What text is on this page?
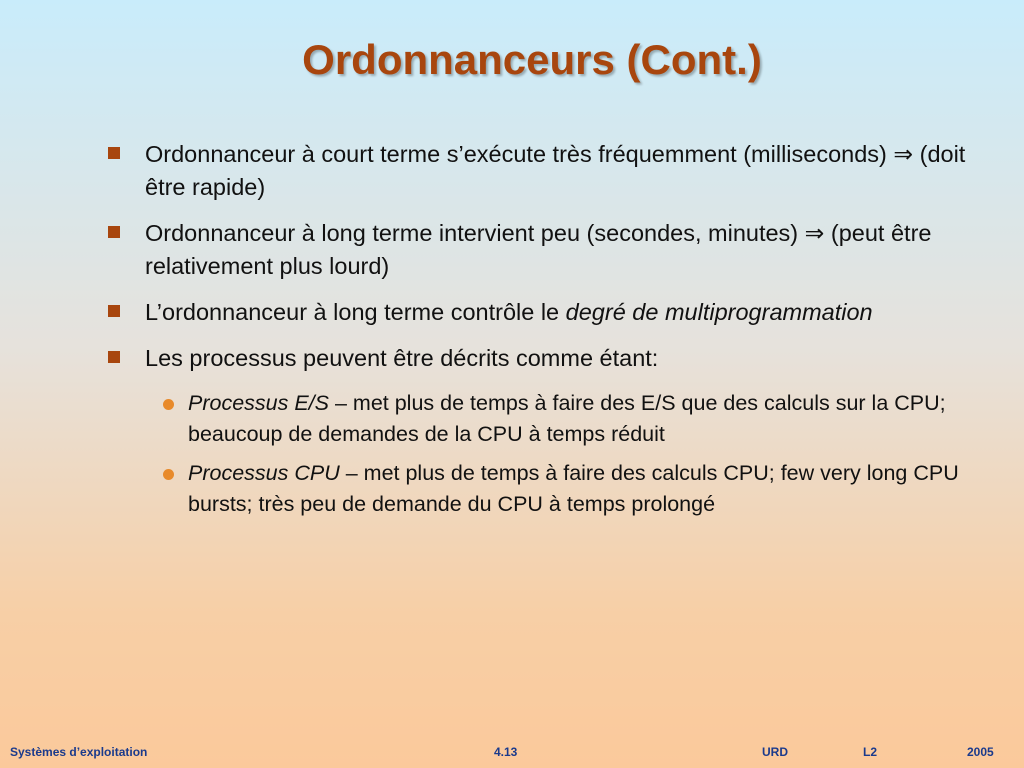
Ordonnanceurs (Cont.)
Ordonnanceur à court terme s’exécute très fréquemment (milliseconds) ⇒ (doit être rapide)
Ordonnanceur à long terme intervient peu (secondes, minutes) ⇒ (peut être relativement plus lourd)
L’ordonnanceur à long terme contrôle le degré de multiprogrammation
Les processus peuvent être décrits comme étant:
Processus E/S – met plus de temps à faire des E/S que des calculs sur la CPU; beaucoup de demandes de la CPU à temps réduit
Processus CPU – met plus de temps à faire des calculs CPU; few very long CPU bursts; très peu de demande du CPU à temps prolongé
Systèmes d’exploitation	4.13	URD	L2	2005
